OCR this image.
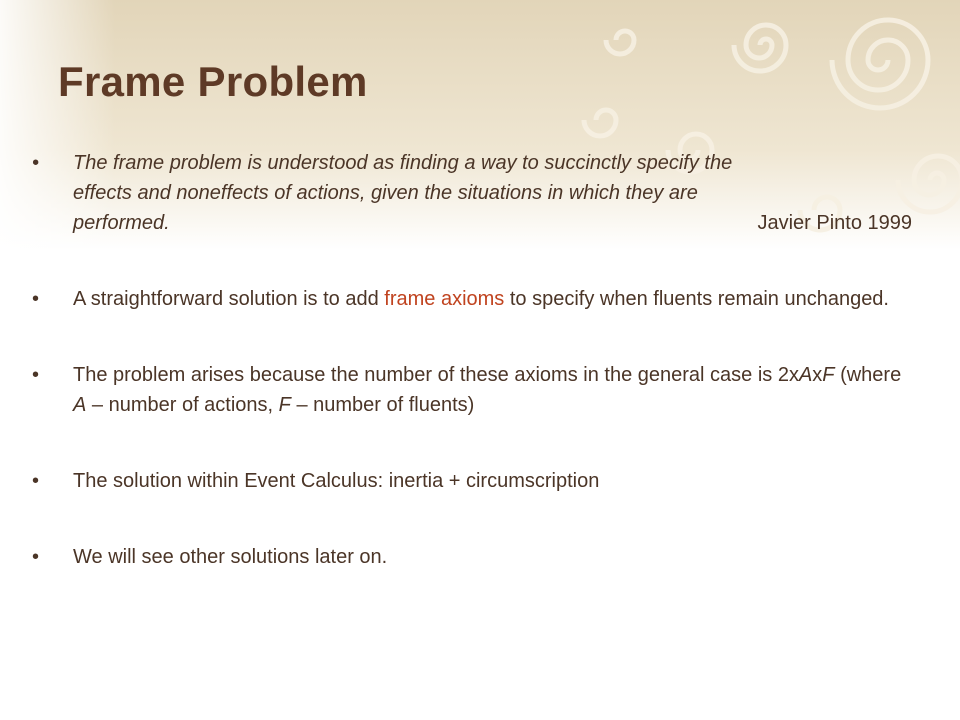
Frame Problem
• The frame problem is understood as finding a way to succinctly specify the
effects and noneffects of actions, given the situations in which they are
performed.	Javier Pinto 1999
• A straightforward solution is to add frame axioms to specify when fluents remain unchanged.
• The problem arises because the number of these axioms in the general case is 2xAxF (where A – number of actions, F – number of fluents)
• The solution within Event Calculus: inertia + circumscription
• We will see other solutions later on.
